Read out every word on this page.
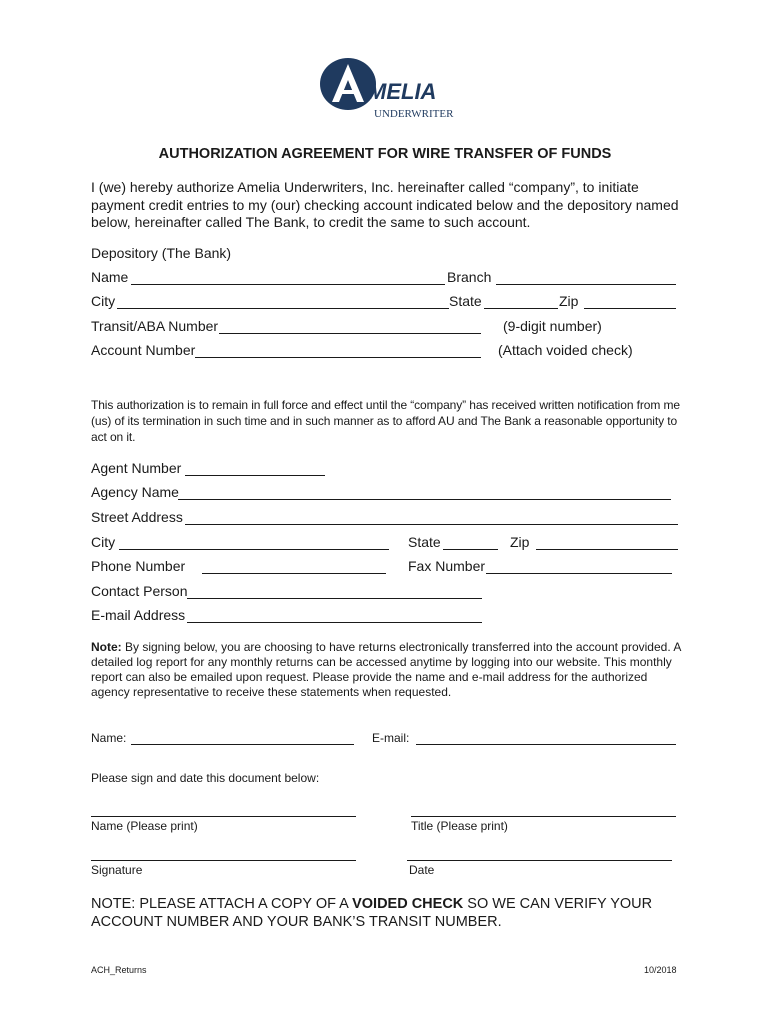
MELIA
UNDERWRITERS
AUTHORIZATION AGREEMENT FOR WIRE TRANSFER OF FUNDS
I (we) hereby authorize Amelia Underwriters, Inc. hereinafter called “company”, to initiate payment credit entries to my (our) checking account indicated below and the depository named below, hereinafter called The Bank, to credit the same to such account.
Depository (The Bank)
Name	Branch
City	State	Zip
Transit/ABA Number	(9-digit number)
Account Number	(Attach voided check)
This authorization is to remain in full force and effect until the “company” has received written notification from me (us) of its termination in such time and in such manner as to afford AU and The Bank a reasonable opportunity to act on it.
Agent Number
Agency Name
Street Address
City	State	Zip
Phone Number	Fax Number
Contact Person
E-mail Address
Note: By signing below, you are choosing to have returns electronically transferred into the account provided. A detailed log report for any monthly returns can be accessed anytime by logging into our website. This monthly report can also be emailed upon request. Please provide the name and e-mail address for the authorized agency representative to receive these statements when requested.
Name:	E-mail:
Please sign and date this document below:
Name (Please print)	Title (Please print)
Signature	Date
NOTE: PLEASE ATTACH A COPY OF A VOIDED CHECK SO WE CAN VERIFY YOUR ACCOUNT NUMBER AND YOUR BANK’S TRANSIT NUMBER.
ACH_Returns	10/2018
